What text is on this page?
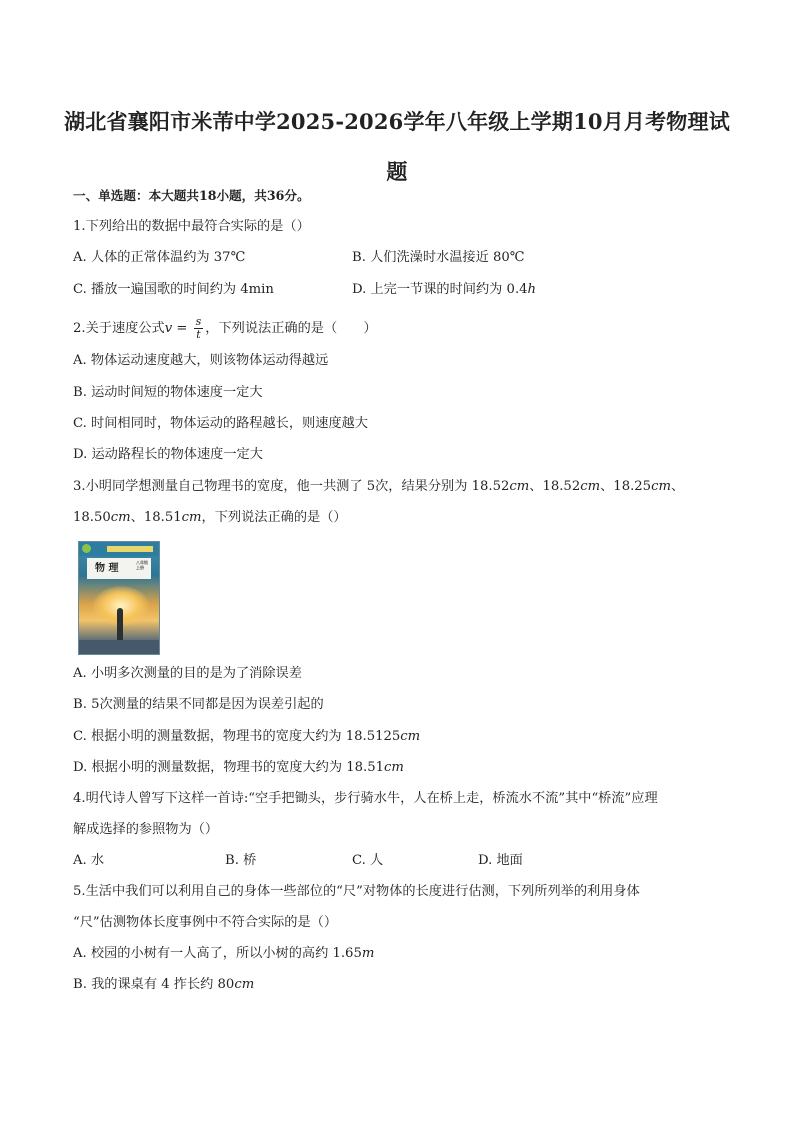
湖北省襄阳市米芾中学2025-2026学年八年级上学期10月月考物理试
题
一、单选题：本大题共18小题，共36分。
1.下列给出的数据中最符合实际的是（）
A. 人体的正常体温约为 37℃	B. 人们洗澡时水温接近 80℃
C. 播放一遍国歌的时间约为 4min	D. 上完一节课的时间约为 0.4h
2.关于速度公式$v = \frac{s}{t}$ ，下列说法正确的是（　　）
A. 物体运动速度越大，则该物体运动得越远
B. 运动时间短的物体速度一定大
C. 时间相同时，物体运动的路程越长，则速度越大
D. 运动路程长的物体速度一定大
3.小明同学想测量自己物理书的宽度，他一共测了 5次，结果分别为 18.52cm、18.52cm、18.25cm、
18.50cm、18.51cm，下列说法正确的是（）
物 理
八年级
上册
A. 小明多次测量的目的是为了消除误差
B. 5次测量的结果不同都是因为误差引起的
C. 根据小明的测量数据，物理书的宽度大约为 18.5125cm
D. 根据小明的测量数据，物理书的宽度大约为 18.51cm
4.明代诗人曾写下这样一首诗:“空手把锄头，步行骑水牛，人在桥上走，桥流水不流”其中“桥流”应理
解成选择的参照物为（）
A. 水	B. 桥	C. 人	D. 地面
5.生活中我们可以利用自己的身体一些部位的“尺”对物体的长度进行估测，下列所列举的利用身体
“尺”估测物体长度事例中不符合实际的是（）
A. 校园的小树有一人高了，所以小树的高约 1.65m
B. 我的课桌有 4 拃长约 80cm
